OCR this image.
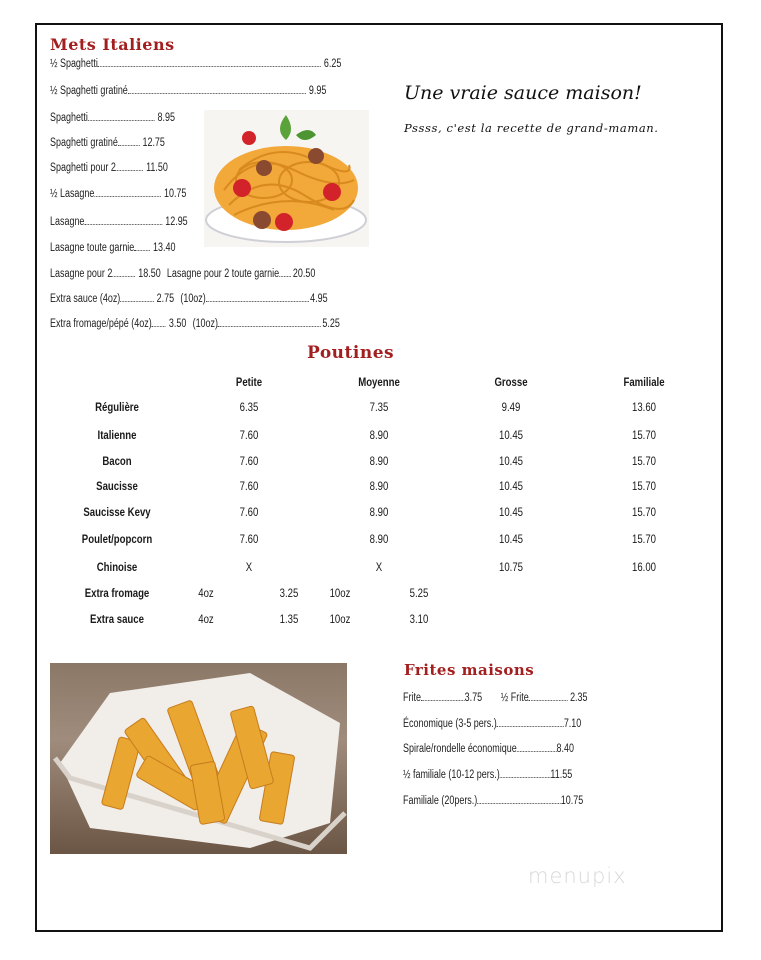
Mets Italiens
½ Spaghetti	6.25
½ Spaghetti gratiné	9.95
Spaghetti	8.95
Spaghetti gratiné 12.75
Spaghetti pour 2	11.50
½ Lasagne	10.75
Lasagne	12.95
Lasagne toute garnie 13.40
Lasagne pour 2 18.50 Lasagne pour 2 toute garnie 20.50
Extra sauce (4oz)	2.75 (10oz)	4.95
Extra fromage/pépé (4oz) 3.50 (10oz)	5.25
Une vraie sauce maison!
Pssss, c'est la recette de grand-maman.
Poutines
Petite	Moyenne	Grosse	Familiale
Régulière	6.35	7.35	9.49	13.60
Italienne	7.60	8.90	10.45	15.70
Bacon	7.60	8.90	10.45	15.70
Saucisse	7.60	8.90	10.45	15.70
Saucisse Kevy	7.60	8.90	10.45	15.70
Poulet/popcorn	7.60	8.90	10.45	15.70
Chinoise	X	X	10.75	16.00
Extra fromage	4oz	3.25	10oz	5.25
Extra sauce	4oz	1.35	10oz	3.10
Frites maisons
Frite	3.75 ½ Frite	2.35
Économique (3-5 pers.)	7.10
Spirale/rondelle économique	8.40
½ familiale (10-12 pers.)	11.55
Familiale (20pers.)	10.75
menupix
